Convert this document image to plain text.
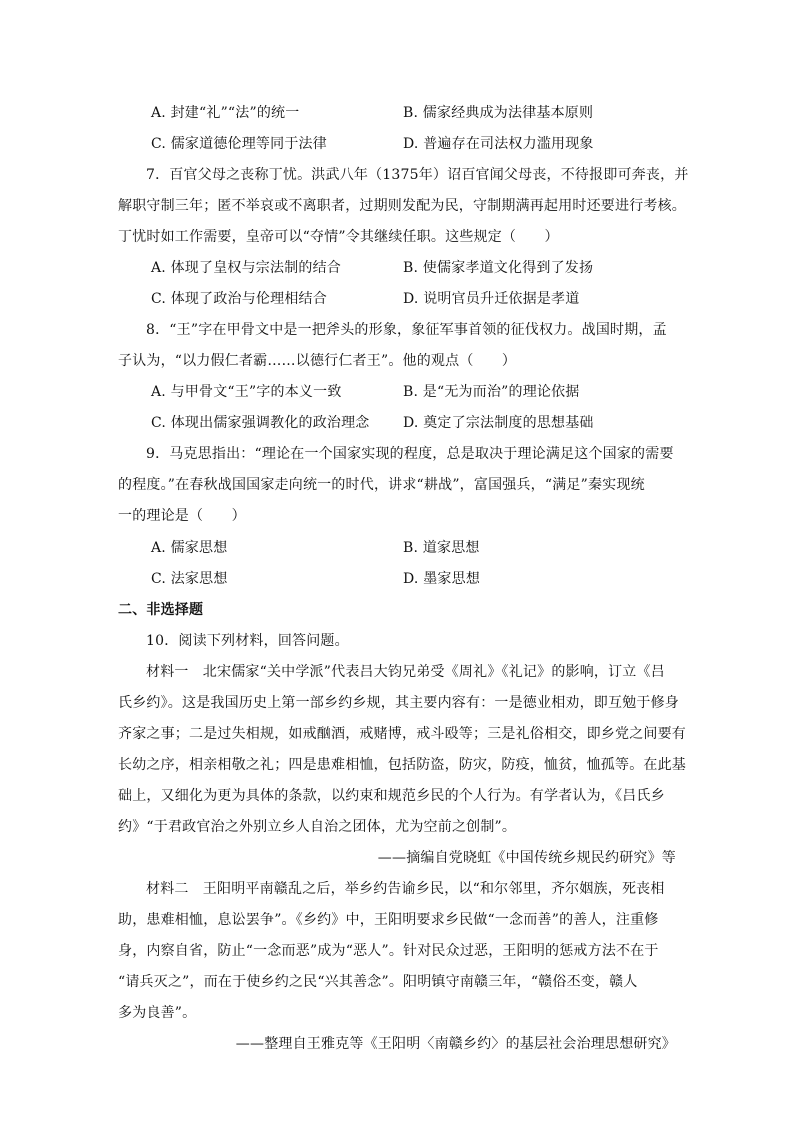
A. 封建“礼”“法”的统一	B. 儒家经典成为法律基本原则
C. 儒家道德伦理等同于法律	D. 普遍存在司法权力滥用现象
7．百官父母之丧称丁忧。洪武八年（1375年）诏百官闻父母丧，不待报即可奔丧，并
解职守制三年；匿不举哀或不离职者，过期则发配为民，守制期满再起用时还要进行考核。
丁忧时如工作需要，皇帝可以“夺情”令其继续任职。这些规定（　　）
A. 体现了皇权与宗法制的结合	B. 使儒家孝道文化得到了发扬
C. 体现了政治与伦理相结合	D. 说明官员升迁依据是孝道
8．“王”字在甲骨文中是一把斧头的形象，象征军事首领的征伐权力。战国时期，孟
子认为，“以力假仁者霸……以德行仁者王”。他的观点（　　）
A. 与甲骨文“王”字的本义一致	B. 是“无为而治”的理论依据
C. 体现出儒家强调教化的政治理念 D. 奠定了宗法制度的思想基础
9．马克思指出：“理论在一个国家实现的程度，总是取决于理论满足这个国家的需要
的程度。”在春秋战国国家走向统一的时代，讲求“耕战”，富国强兵，“满足”秦实现统
一的理论是（　　）
A. 儒家思想	B. 道家思想
C. 法家思想	D. 墨家思想
二、非选择题
10．阅读下列材料，回答问题。
材料一　北宋儒家“关中学派”代表吕大钧兄弟受《周礼》《礼记》的影响，订立《吕
氏乡约》。这是我国历史上第一部乡约乡规，其主要内容有：一是德业相劝，即互勉于修身
齐家之事；二是过失相规，如戒酗酒，戒赌博，戒斗殴等；三是礼俗相交，即乡党之间要有
长幼之序，相亲相敬之礼；四是患难相恤，包括防盗，防灾，防疫，恤贫，恤孤等。在此基
础上，又细化为更为具体的条款，以约束和规范乡民的个人行为。有学者认为，《吕氏乡
约》“于君政官治之外别立乡人自治之团体，尤为空前之创制”。
——摘编自党晓虹《中国传统乡规民约研究》等
材料二　王阳明平南赣乱之后，举乡约告谕乡民，以“和尔邻里，齐尔姻族，死丧相
助，患难相恤，息讼罢争”。《乡约》中，王阳明要求乡民做“一念而善”的善人，注重修
身，内察自省，防止“一念而恶”成为“恶人”。针对民众过恶，王阳明的惩戒方法不在于
“请兵灭之”，而在于使乡约之民“兴其善念”。阳明镇守南赣三年，“赣俗丕变，赣人
多为良善”。
——整理自王雅克等《王阳明〈南赣乡约〉的基层社会治理思想研究》
